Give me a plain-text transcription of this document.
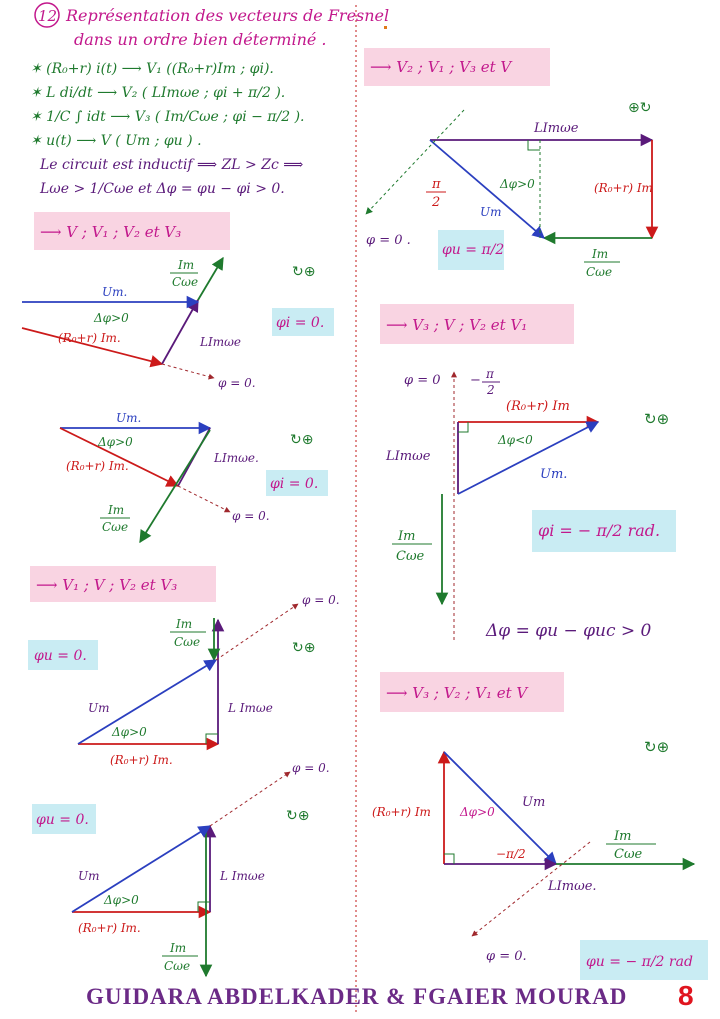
12 Représentation des vecteurs de Fresnel
dans un ordre bien déterminé .
✶ (R₀+r) i(t) ⟶ V₁ ((R₀+r)Im ; φi).
✶ L di/dt ⟶ V₂ ( LImωe ; φi + π/2 ).
✶ 1/C ∫ idt ⟶ V₃ ( Im/Cωe ; φi − π/2 ).
✶ u(t) ⟶ V ( Um ; φu ) .
Le circuit est inductif ⟹ ZL > Zc ⟹
Lωe > 1/Cωe et Δφ = φu − φi > 0.
⟶ V ; V₁ ; V₂ et V₃
φi = 0.
Um.
Δφ>0
(R₀+r) Im.	LImωe
Im
Cωe
φ = 0.
↻⊕
φi = 0.
Um.
Δφ>0
(R₀+r) Im.
LImωe.
Im
Cωe
φ = 0.
↻⊕
⟶ V₁ ; V ; V₂ et V₃
φu = 0.
Um
Δφ>0
(R₀+r) Im.
L Imωe
Im
Cωe
φ = 0.
↻⊕
φu = 0.
Um
Δφ>0
(R₀+r) Im.
L Imωe
Im
Cωe
φ = 0.
↻⊕
⟶ V₂ ; V₁ ; V₃ et V
⊕↻
LImωe
π
2
Δφ>0	(R₀+r) Im
Um
Im
Cωe
φ = 0 .
φu = π/2
⟶ V₃ ; V ; V₂ et V₁
φ = 0 − π
2
(R₀+r) Im
LImωe
Δφ<0
Um.
Im
Cωe
↻⊕
φi = − π/2 rad.
Δφ = φu − φuc > 0
⟶ V₃ ; V₂ ; V₁ et V
↻⊕
(R₀+r) Im Δφ>0
Um
−π/2
Im
Cωe
LImωe.
φ = 0.	φu = − π/2 rad
GUIDARA ABDELKADER & FGAIER MOURAD 8
